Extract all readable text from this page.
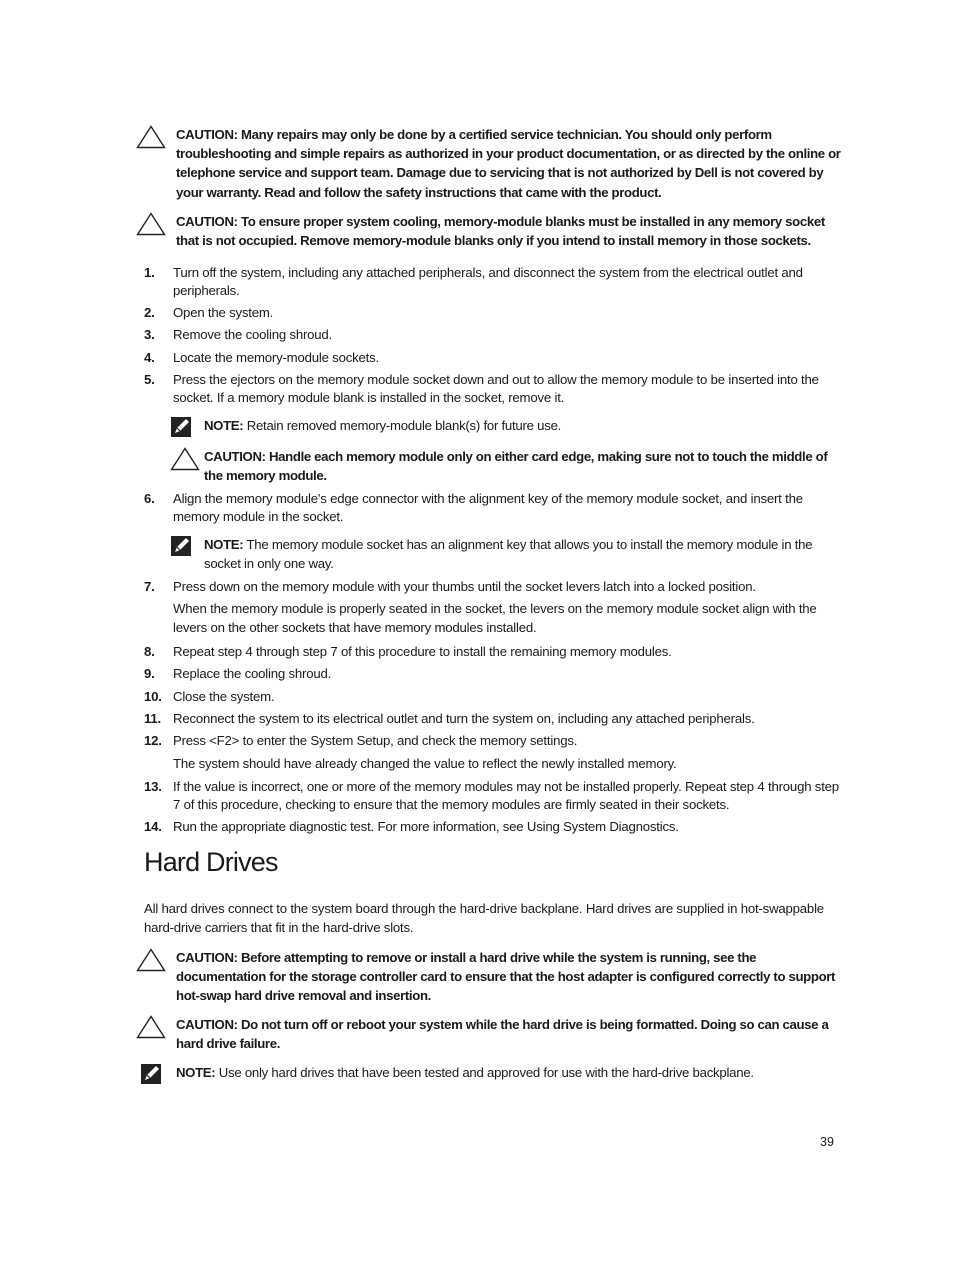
CAUTION: Many repairs may only be done by a certified service technician. You should only perform troubleshooting and simple repairs as authorized in your product documentation, or as directed by the online or telephone service and support team. Damage due to servicing that is not authorized by Dell is not covered by your warranty. Read and follow the safety instructions that came with the product.
CAUTION: To ensure proper system cooling, memory-module blanks must be installed in any memory socket that is not occupied. Remove memory-module blanks only if you intend to install memory in those sockets.
1.	Turn off the system, including any attached peripherals, and disconnect the system from the electrical outlet and peripherals.
2.	Open the system.
3.	Remove the cooling shroud.
4.	Locate the memory-module sockets.
5.	Press the ejectors on the memory module socket down and out to allow the memory module to be inserted into the socket. If a memory module blank is installed in the socket, remove it.
NOTE: Retain removed memory-module blank(s) for future use.
CAUTION: Handle each memory module only on either card edge, making sure not to touch the middle of the memory module.
6.	Align the memory module's edge connector with the alignment key of the memory module socket, and insert the memory module in the socket.
NOTE: The memory module socket has an alignment key that allows you to install the memory module in the socket in only one way.
7.	Press down on the memory module with your thumbs until the socket levers latch into a locked position.
When the memory module is properly seated in the socket, the levers on the memory module socket align with the levers on the other sockets that have memory modules installed.
8.	Repeat step 4 through step 7 of this procedure to install the remaining memory modules.
9.	Replace the cooling shroud.
10. Close the system.
11. Reconnect the system to its electrical outlet and turn the system on, including any attached peripherals.
12. Press <F2> to enter the System Setup, and check the memory settings.
The system should have already changed the value to reflect the newly installed memory.
13. If the value is incorrect, one or more of the memory modules may not be installed properly. Repeat step 4 through step 7 of this procedure, checking to ensure that the memory modules are firmly seated in their sockets.
14. Run the appropriate diagnostic test. For more information, see Using System Diagnostics.
Hard Drives
All hard drives connect to the system board through the hard-drive backplane. Hard drives are supplied in hot-swappable hard-drive carriers that fit in the hard-drive slots.
CAUTION: Before attempting to remove or install a hard drive while the system is running, see the documentation for the storage controller card to ensure that the host adapter is configured correctly to support hot-swap hard drive removal and insertion.
CAUTION: Do not turn off or reboot your system while the hard drive is being formatted. Doing so can cause a hard drive failure.
NOTE: Use only hard drives that have been tested and approved for use with the hard-drive backplane.
39
